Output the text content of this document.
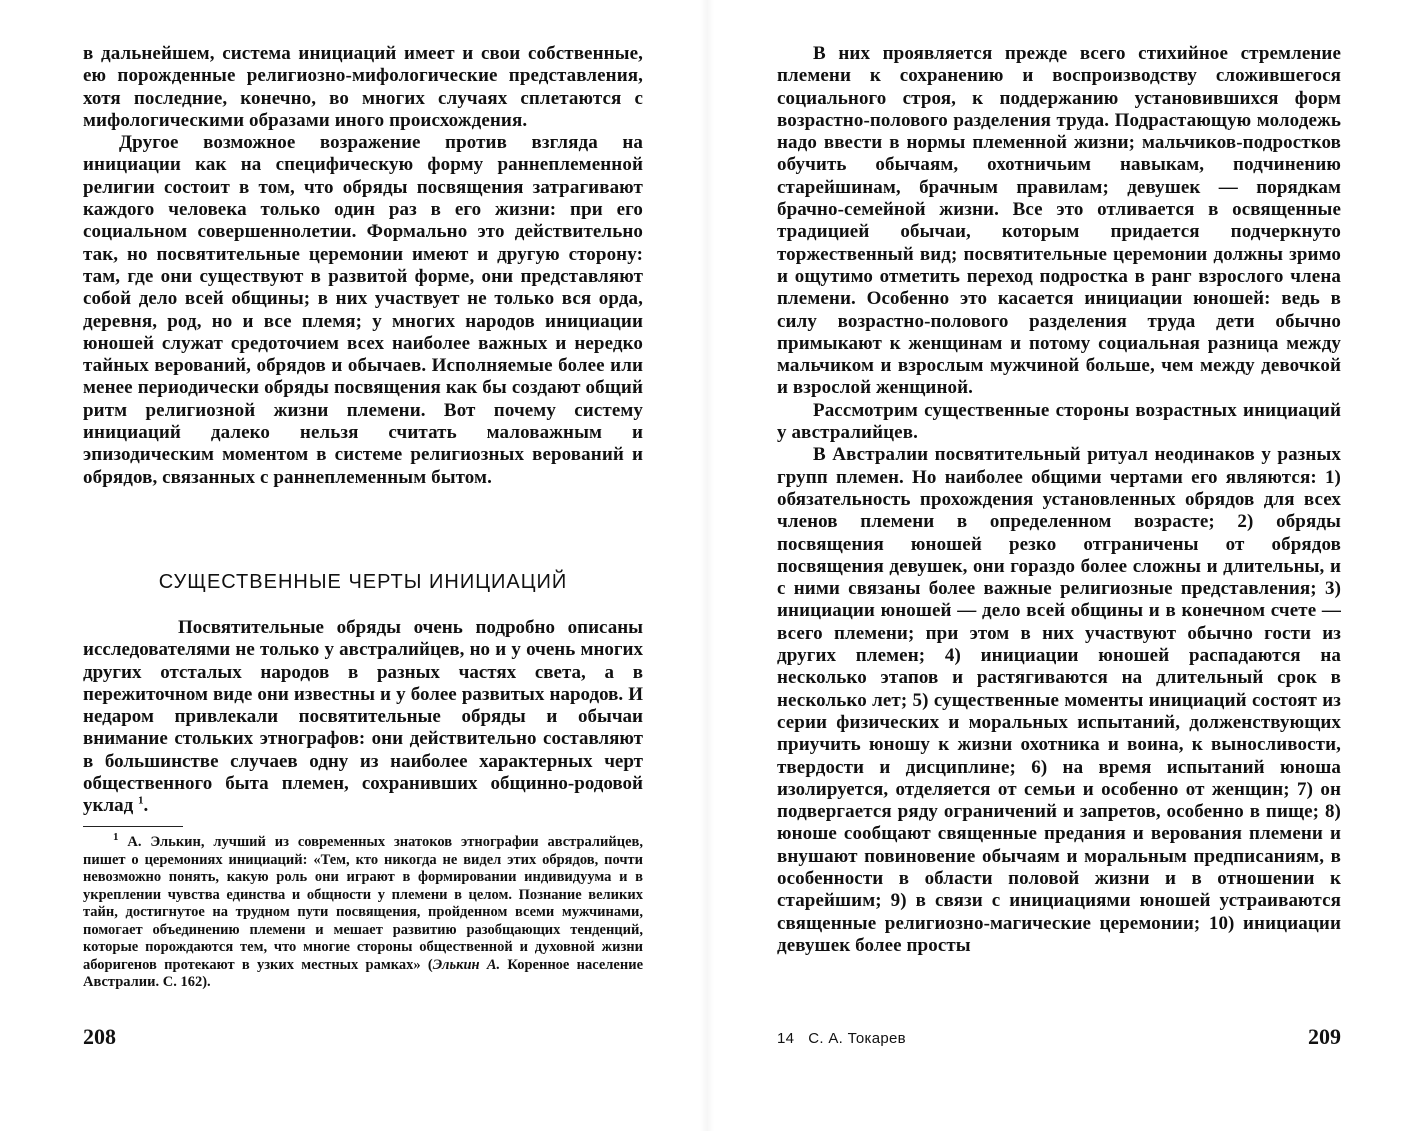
в дальнейшем, система инициаций имеет и свои собственные, ею порожденные религиозно-мифологические представления, хотя последние, конечно, во многих случаях сплетаются с мифологическими образами иного происхождения.

Другое возможное возражение против взгляда на инициации как на специфическую форму раннеплеменной религии состоит в том, что обряды посвящения затрагивают каждого человека только один раз в его жизни: при его социальном совершеннолетии. Формально это действительно так, но посвятительные церемонии имеют и другую сторону: там, где они существуют в развитой форме, они представляют собой дело всей общины; в них участвует не только вся орда, деревня, род, но и все племя; у многих народов инициации юношей служат средоточием всех наиболее важных и нередко тайных верований, обрядов и обычаев. Исполняемые более или менее периодически обряды посвящения как бы создают общий ритм религиозной жизни племени. Вот почему систему инициаций далеко нельзя считать маловажным и эпизодическим моментом в системе религиозных верований и обрядов, связанных с раннеплеменным бытом.

СУЩЕСТВЕННЫЕ ЧЕРТЫ ИНИЦИАЦИЙ

Посвятительные обряды очень подробно описаны исследователями не только у австралийцев, но и у очень многих других отсталых народов в разных частях света, а в пережиточном виде они известны и у более развитых народов. И недаром привлекали посвятительные обряды и обычаи внимание стольких этнографов: они действительно составляют в большинстве случаев одну из наиболее характерных черт общественного быта племен, сохранивших общинно-родовой уклад $^1$.

$^1$ А. Элькин, лучший из современных знатоков этнографии австралийцев, пишет о церемониях инициаций: «Тем, кто никогда не видел этих обрядов, почти невозможно понять, какую роль они играют в формировании индивидуума и в укреплении чувства единства и общности у племени в целом. Познание великих тайн, достигнутое на трудном пути посвящения, пройденном всеми мужчинами, помогает объединению племени и мешает развитию разобщающих тенденций, которые порождаются тем, что многие стороны общественной и духовной жизни аборигенов протекают в узких местных рамках» (Элькин А. Коренное население Австралии. С. 162).

208

В них проявляется прежде всего стихийное стремление племени к сохранению и воспроизводству сложившегося социального строя, к поддержанию установившихся форм возрастно-полового разделения труда. Подрастающую молодежь надо ввести в нормы племенной жизни; мальчиков-подростков обучить обычаям, охотничьим навыкам, подчинению старейшинам, брачным правилам; девушек — порядкам брачно-семейной жизни. Все это отливается в освященные традицией обычаи, которым придается подчеркнуто торжественный вид; посвятительные церемонии должны зримо и ощутимо отметить переход подростка в ранг взрослого члена племени. Особенно это касается инициации юношей: ведь в силу возрастно-полового разделения труда дети обычно примыкают к женщинам и потому социальная разница между мальчиком и взрослым мужчиной больше, чем между девочкой и взрослой женщиной.

Рассмотрим существенные стороны возрастных инициаций у австралийцев.

В Австралии посвятительный ритуал неодинаков у разных групп племен. Но наиболее общими чертами его являются: 1) обязательность прохождения установленных обрядов для всех членов племени в определенном возрасте; 2) обряды посвящения юношей резко отграничены от обрядов посвящения девушек, они гораздо более сложны и длительны, и с ними связаны более важные религиозные представления; 3) инициации юношей — дело всей общины и в конечном счете — всего племени; при этом в них участвуют обычно гости из других племен; 4) инициации юношей распадаются на несколько этапов и растягиваются на длительный срок в несколько лет; 5) существенные моменты инициаций состоят из серии физических и моральных испытаний, долженствующих приучить юношу к жизни охотника и воина, к выносливости, твердости и дисциплине; 6) на время испытаний юноша изолируется, отделяется от семьи и особенно от женщин; 7) он подвергается ряду ограничений и запретов, особенно в пище; 8) юноше сообщают священные предания и верования племени и внушают повиновение обычаям и моральным предписаниям, в особенности в области половой жизни и в отношении к старейшим; 9) в связи с инициациями юношей устраиваются священные религиозно-магические церемонии; 10) инициации девушек более просты

14 С. А. Токарев	209
